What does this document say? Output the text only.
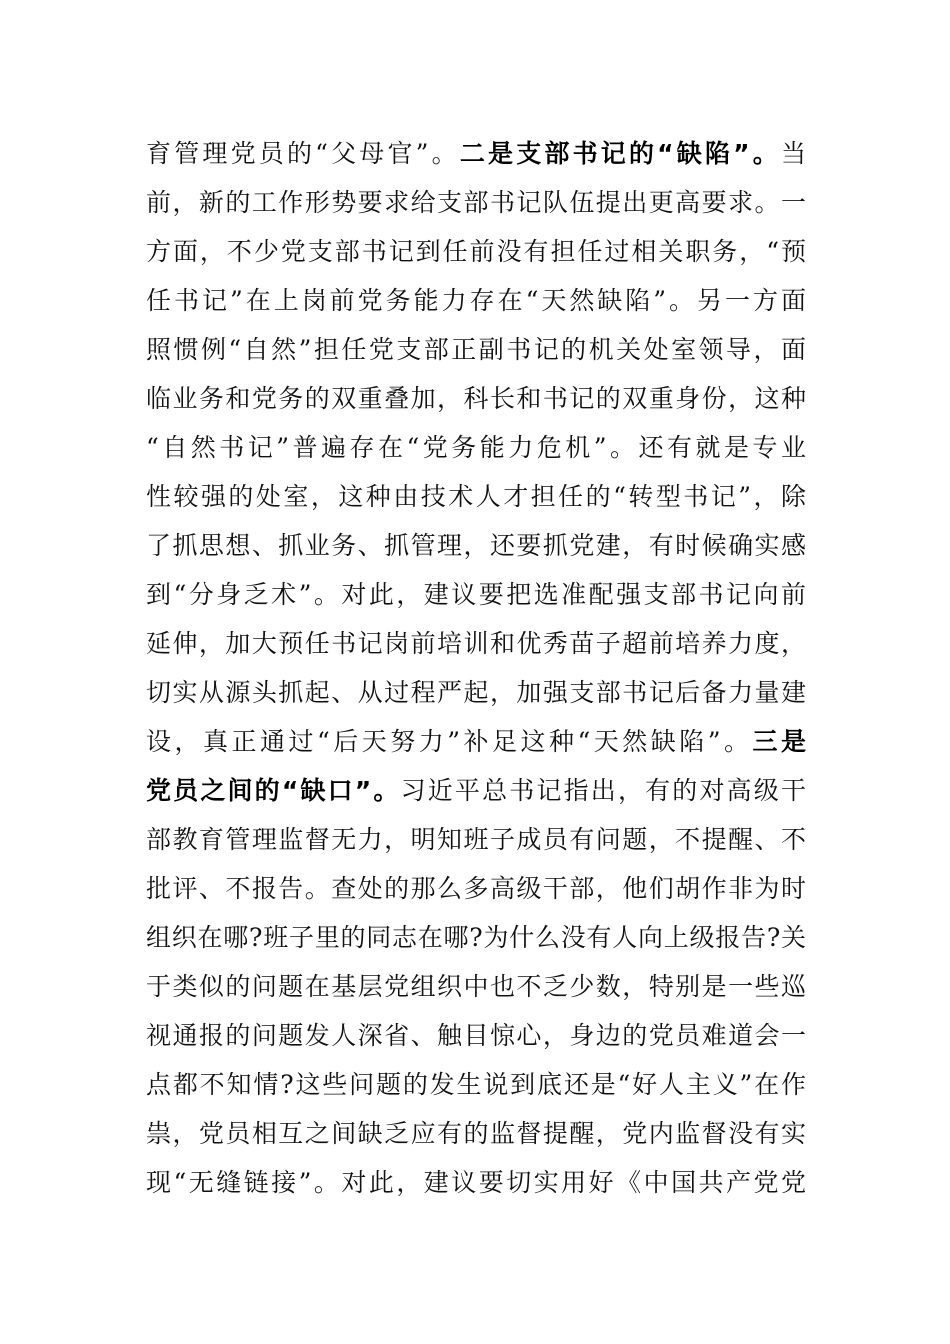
育管理党员的“父母官”。二是支部书记的“缺陷”。当
前，新的工作形势要求给支部书记队伍提出更高要求。一
方面，不少党支部书记到任前没有担任过相关职务，“预
任书记”在上岗前党务能力存在“天然缺陷”。另一方面
照惯例“自然”担任党支部正副书记的机关处室领导，面
临业务和党务的双重叠加，科长和书记的双重身份，这种
“自然书记”普遍存在“党务能力危机”。还有就是专业
性较强的处室，这种由技术人才担任的“转型书记”，除
了抓思想、抓业务、抓管理，还要抓党建，有时候确实感
到“分身乏术”。对此，建议要把选准配强支部书记向前
延伸，加大预任书记岗前培训和优秀苗子超前培养力度，
切实从源头抓起、从过程严起，加强支部书记后备力量建
设，真正通过“后天努力”补足这种“天然缺陷”。三是
党员之间的“缺口”。习近平总书记指出，有的对高级干
部教育管理监督无力，明知班子成员有问题，不提醒、不
批评、不报告。查处的那么多高级干部，他们胡作非为时
组织在哪?班子里的同志在哪?为什么没有人向上级报告?关
于类似的问题在基层党组织中也不乏少数，特别是一些巡
视通报的问题发人深省、触目惊心，身边的党员难道会一
点都不知情?这些问题的发生说到底还是“好人主义”在作
祟，党员相互之间缺乏应有的监督提醒，党内监督没有实
现“无缝链接”。对此，建议要切实用好《中国共产党党
